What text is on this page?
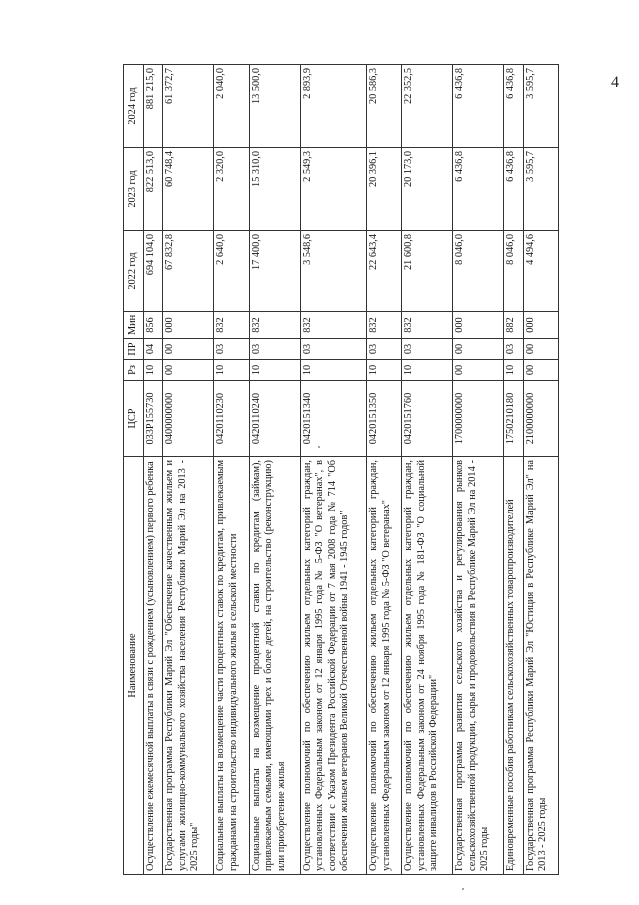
4
Наименование	ЦСР	Рз	ПР	Мин	2022 год	2023 год	2024 год
Осуществление ежемесячной выплаты в связи с рождением (усыновлением) первого ребенка	033P155730	10	04	856	694 104,0	822 513,0	881 215,0
Государственная программа Республики Марий Эл "Обеспечение качественным жильем и услугами жилищно-коммунального хозяйства населения Республики Марий Эл на 2013 - 2025 годы"	0400000000	00	00	000	67 832,8	60 748,4	61 372,7
Социальные выплаты на возмещение части процентных ставок по кредитам, привлекаемым гражданами на строительство индивидуального жилья в сельской местности	0420110230	10	03	832	2 640,0	2 320,0	2 040,0
Социальные выплаты на возмещение процентной ставки по кредитам (займам), привлекаемым семьями, имеющими трех и более детей, на строительство (реконструкцию) или приобретение жилья	0420110240	10	03	832	17 400,0	15 310,0	13 500,0
Осуществление полномочий по обеспечению жильем отдельных категорий граждан, установленных Федеральным законом от 12 января 1995 года № 5-ФЗ "О ветеранах", в соответствии с Указом Президента Российской Федерации от 7 мая 2008 года № 714 "Об обеспечении жильем ветеранов Великой Отечественной войны 1941 - 1945 годов"	0420151340	10	03	832	3 548,6	2 549,3	2 893,9
Осуществление полномочий по обеспечению жильем отдельных категорий граждан, установленных Федеральным законом от 12 января 1995 года № 5-ФЗ "О ветеранах"	0420151350	10	03	832	22 643,4	20 396,1	20 586,3
Осуществление полномочий по обеспечению жильем отдельных категорий граждан, установленных Федеральным законом от 24 ноября 1995 года № 181-ФЗ "О социальной защите инвалидов в Российской Федерации"	0420151760	10	03	832	21 600,8	20 173,0	22 352,5
Государственная программа развития сельского хозяйства и регулирования рынков сельскохозяйственной продукции, сырья и продовольствия в Республике Марий Эл на 2014 - 2025 годы	1700000000	00	00	000	8 046,0	6 436,8	6 436,8
Единовременные пособия работникам сельскохозяйственных товаропроизводителей	1750210180	10	03	882	8 046,0	6 436,8	6 436,8
Государственная программа Республики Марий Эл "Юстиция в Республике Марий Эл" на 2013 - 2025 годы	2100000000	00	00	000	4 494,6	3 595,7	3 595,7
